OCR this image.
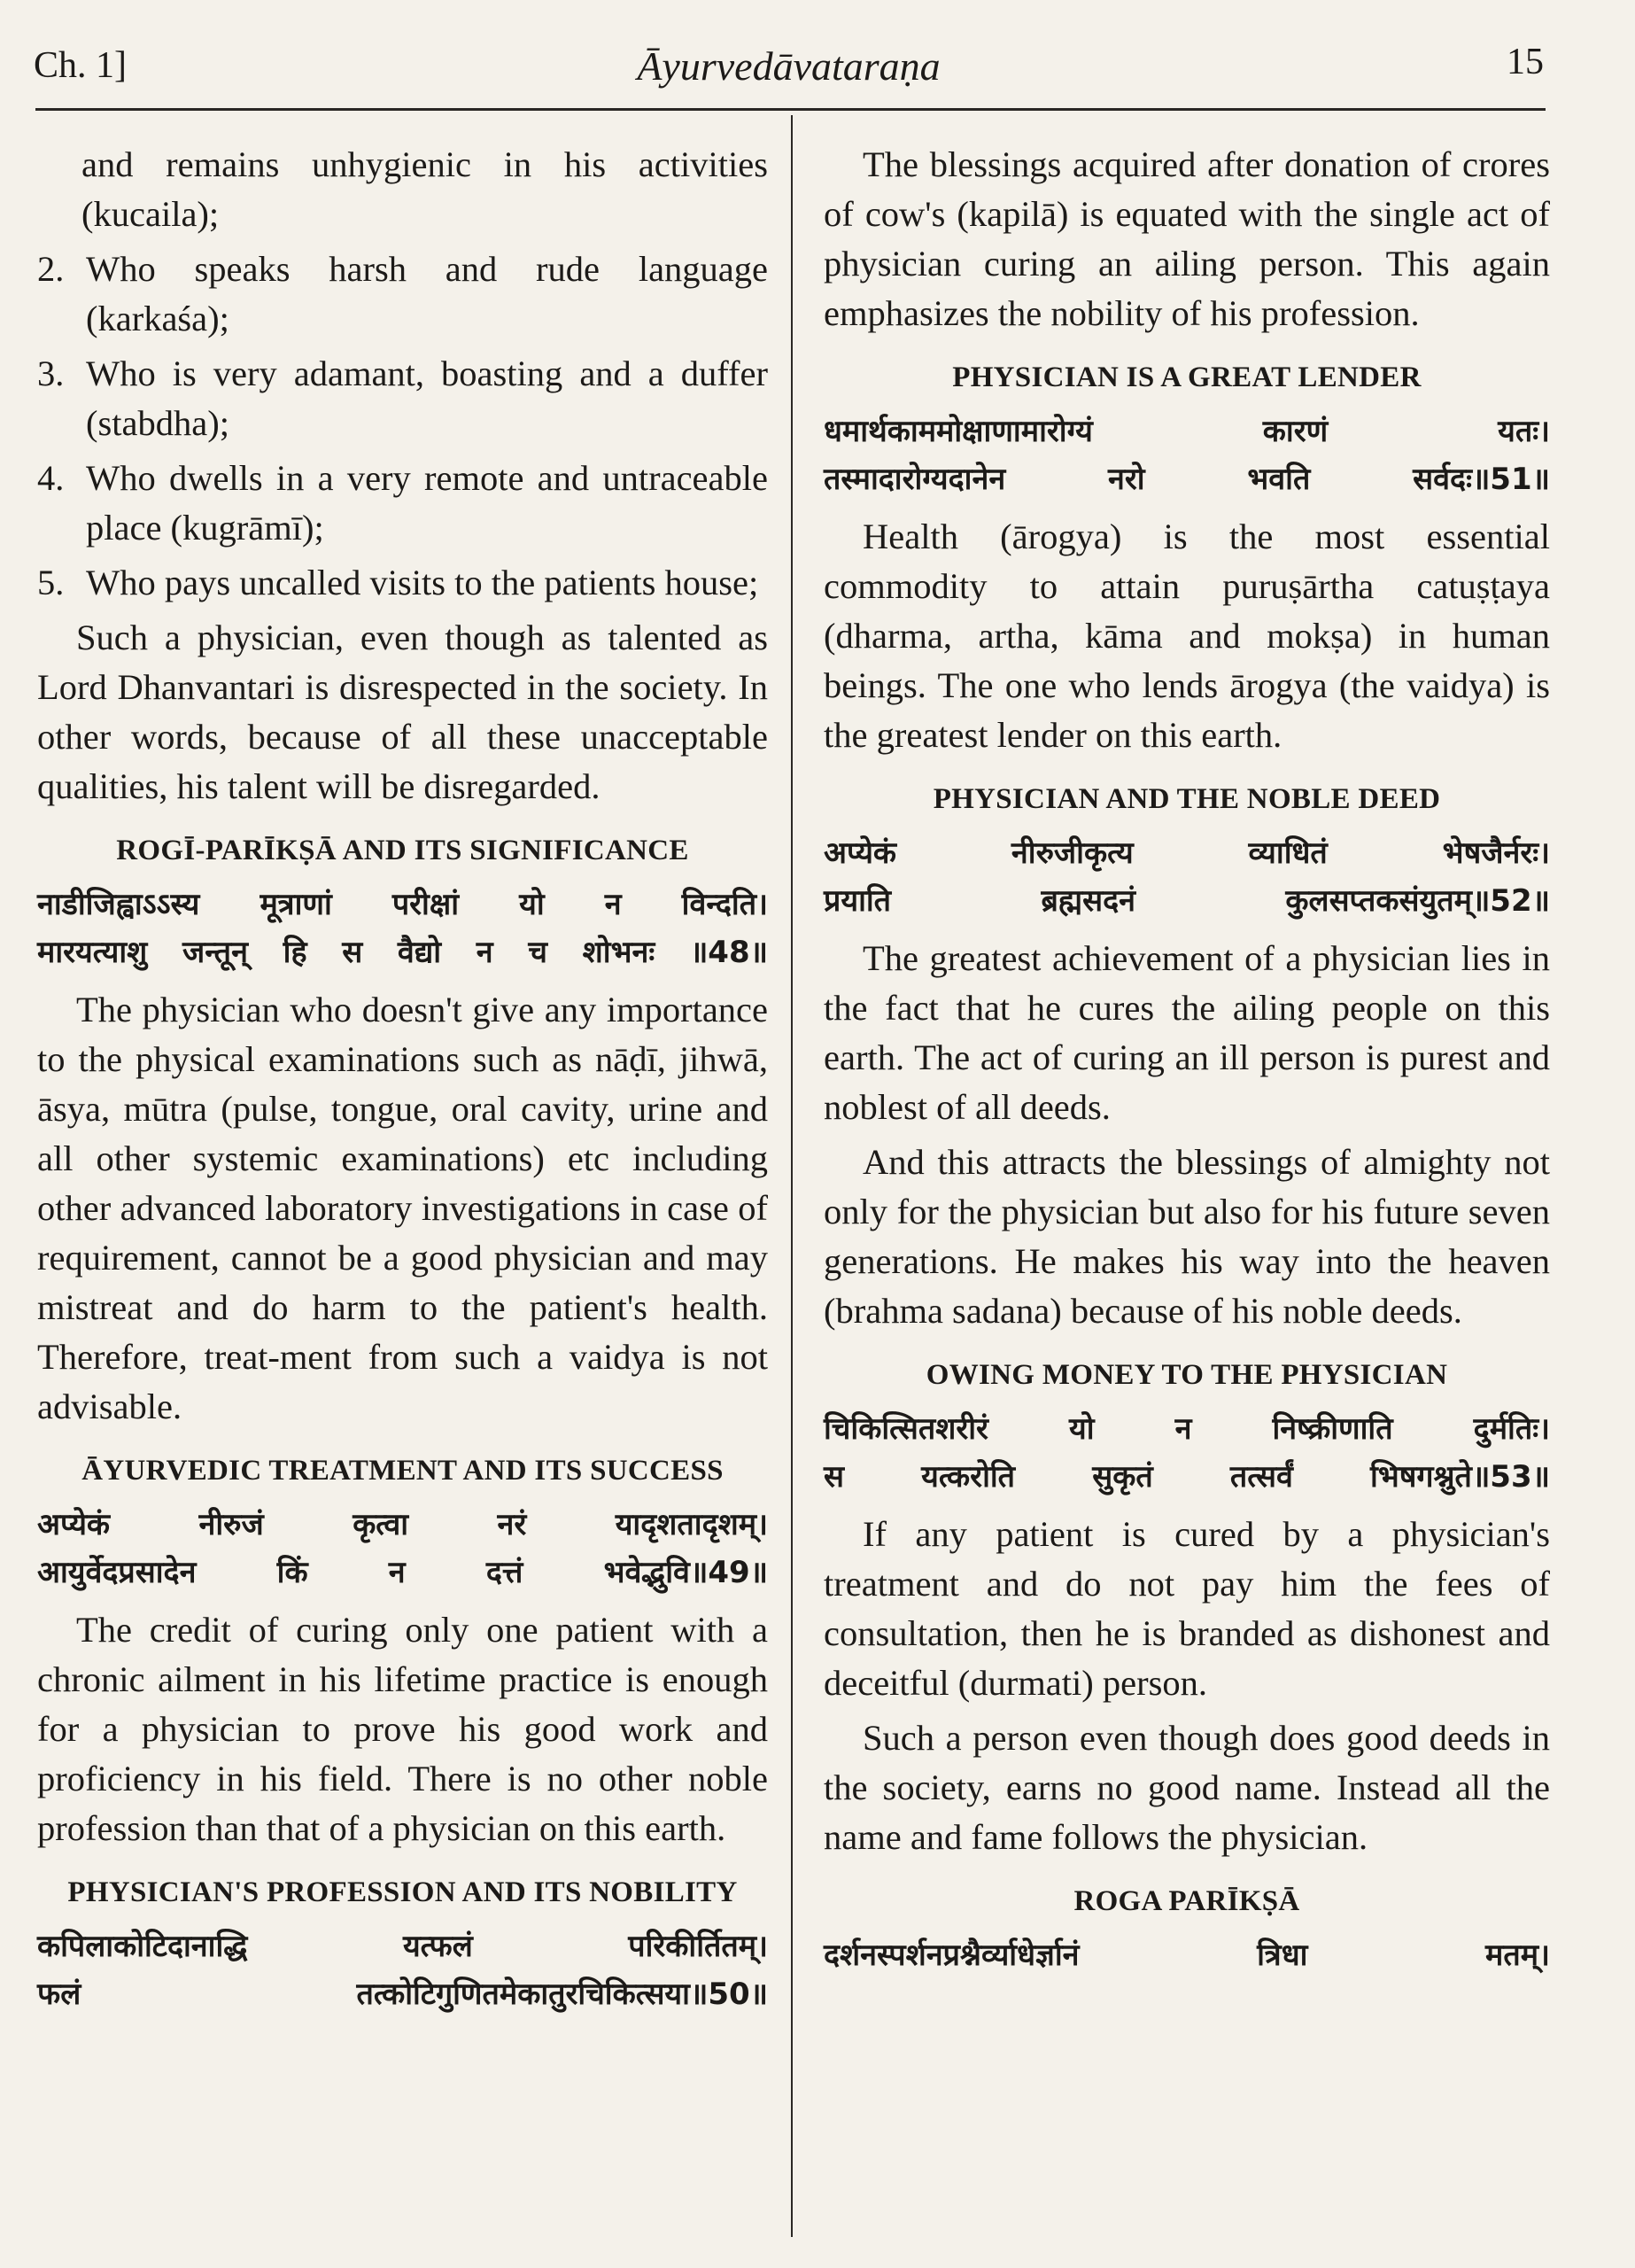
Ch. 1]	Āyurvedāvataraṇa	15

and remains unhygienic in his activities (kucaila);

2. Who speaks harsh and rude language (karkaśa);
3. Who is very adamant, boasting and a duffer (stabdha);
4. Who dwells in a very remote and untraceable place (kugrāmī);
5. Who pays uncalled visits to the patients house;

Such a physician, even though as talented as Lord Dhanvantari is disrespected in the society. In other words, because of all these unacceptable qualities, his talent will be disregarded.

ROGĪ-PARĪKṢĀ AND ITS SIGNIFICANCE
नाडीजिह्वाऽऽस्य मूत्राणां परीक्षां यो न विन्दति।
मारयत्याशु जन्तून् हि स वैद्यो न च शोभनः ॥48॥

The physician who doesn't give any importance to the physical examinations such as nāḍī, jihwā, āsya, mūtra (pulse, tongue, oral cavity, urine and all other systemic examinations) etc including other advanced laboratory investigations in case of requirement, cannot be a good physician and may mistreat and do harm to the patient's health. Therefore, treat-ment from such a vaidya is not advisable.

ĀYURVEDIC TREATMENT AND ITS SUCCESS
अप्येकं नीरुजं कृत्वा नरं यादृशतादृशम्।
आयुर्वेदप्रसादेन किं न दत्तं भवेद्भुवि॥49॥

The credit of curing only one patient with a chronic ailment in his lifetime practice is enough for a physician to prove his good work and proficiency in his field. There is no other noble profession than that of a physician on this earth.

PHYSICIAN'S PROFESSION AND ITS NOBILITY
कपिलाकोटिदानाद्धि यत्फलं परिकीर्तितम्।
फलं तत्कोटिगुणितमेकातुरचिकित्सया॥50॥

The blessings acquired after donation of crores of cow's (kapilā) is equated with the single act of physician curing an ailing person. This again emphasizes the nobility of his profession.

PHYSICIAN IS A GREAT LENDER
धमार्थकाममोक्षाणामारोग्यं कारणं यतः।
तस्मादारोग्यदानेन नरो भवति सर्वदः॥51॥

Health (ārogya) is the most essential commodity to attain puruṣārtha catuṣṭaya (dharma, artha, kāma and mokṣa) in human beings. The one who lends ārogya (the vaidya) is the greatest lender on this earth.

PHYSICIAN AND THE NOBLE DEED
अप्येकं नीरुजीकृत्य व्याधितं भेषजैर्नरः।
प्रयाति ब्रह्मसदनं कुलसप्तकसंयुतम्॥52॥

The greatest achievement of a physician lies in the fact that he cures the ailing people on this earth. The act of curing an ill person is purest and noblest of all deeds.

And this attracts the blessings of almighty not only for the physician but also for his future seven generations. He makes his way into the heaven (brahma sadana) because of his noble deeds.

OWING MONEY TO THE PHYSICIAN
चिकित्सितशरीरं यो न निष्क्रीणाति दुर्मतिः।
स यत्करोति सुकृतं तत्सर्वं भिषगश्नुते॥53॥

If any patient is cured by a physician's treatment and do not pay him the fees of consultation, then he is branded as dishonest and deceitful (durmati) person.

Such a person even though does good deeds in the society, earns no good name. Instead all the name and fame follows the physician.

ROGA PARĪKṢĀ
दर्शनस्पर्शनप्रश्नैर्व्याधेर्ज्ञानं त्रिधा मतम्।
